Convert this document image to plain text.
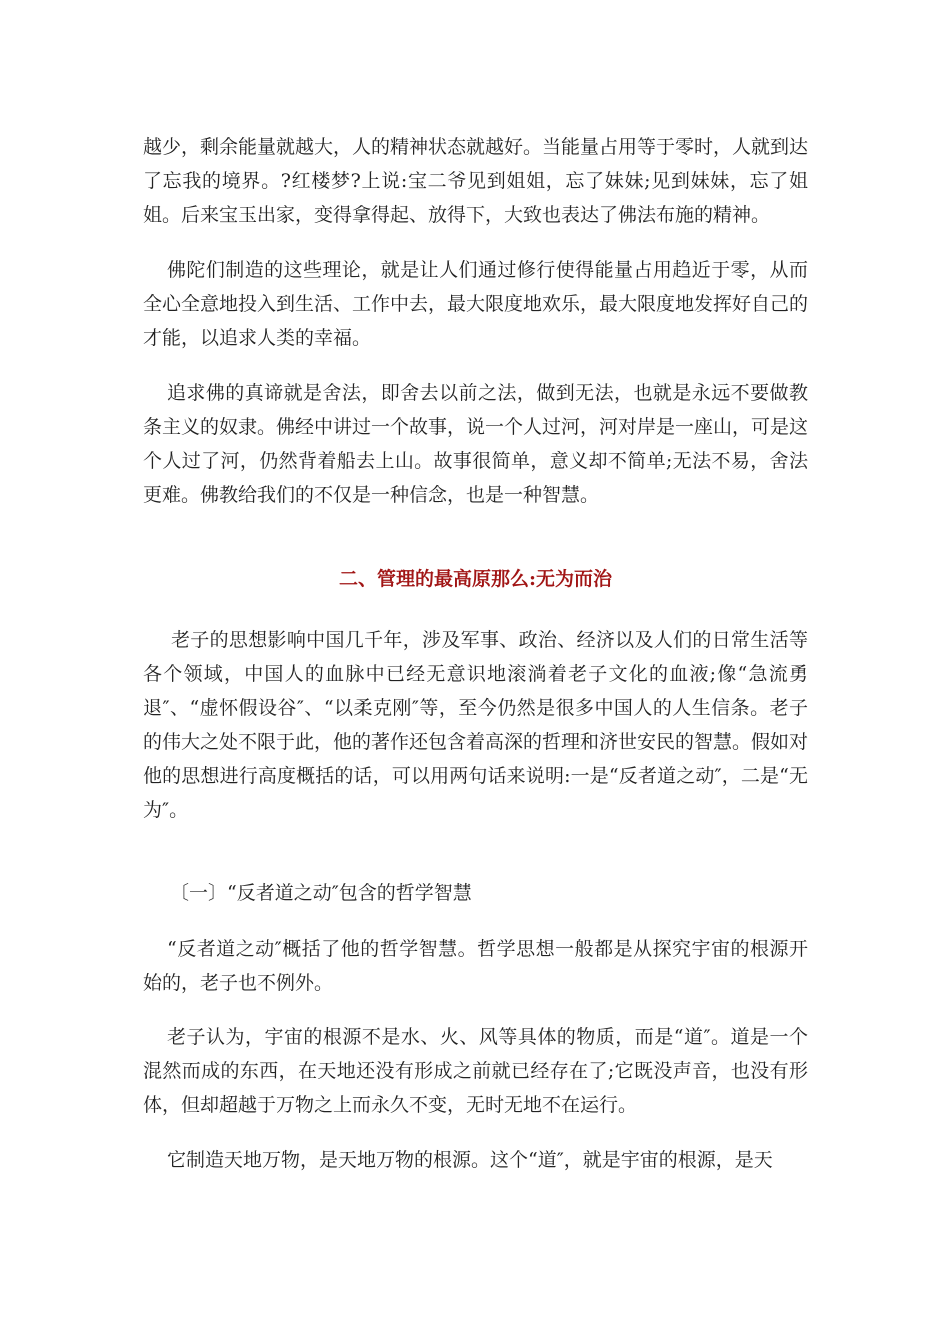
越少，剩余能量就越大，人的精神状态就越好。当能量占用等于零时，人就到达了忘我的境界。?红楼梦?上说:宝二爷见到姐姐，忘了妹妹;见到妹妹，忘了姐姐。后来宝玉出家，变得拿得起、放得下，大致也表达了佛法布施的精神。

佛陀们制造的这些理论，就是让人们通过修行使得能量占用趋近于零，从而全心全意地投入到生活、工作中去，最大限度地欢乐，最大限度地发挥好自己的才能，以追求人类的幸福。

追求佛的真谛就是舍法，即舍去以前之法，做到无法，也就是永远不要做教条主义的奴隶。佛经中讲过一个故事，说一个人过河，河对岸是一座山，可是这个人过了河，仍然背着船去上山。故事很简单，意义却不简单;无法不易，舍法更难。佛教给我们的不仅是一种信念，也是一种智慧。

二、管理的最高原那么:无为而治

老子的思想影响中国几千年，涉及军事、政治、经济以及人们的日常生活等各个领域，中国人的血脉中已经无意识地滚淌着老子文化的血液;像“急流勇退″、“虚怀假设谷″、“以柔克刚″等，至今仍然是很多中国人的人生信条。老子的伟大之处不限于此，他的著作还包含着高深的哲理和济世安民的智慧。假如对他的思想进行高度概括的话，可以用两句话来说明:一是“反者道之动″，二是“无为″。

〔一〕“反者道之动″包含的哲学智慧

“反者道之动″概括了他的哲学智慧。哲学思想一般都是从探究宇宙的根源开始的，老子也不例外。

老子认为，宇宙的根源不是水、火、风等具体的物质，而是“道″。道是一个混然而成的东西，在天地还没有形成之前就已经存在了;它既没声音，也没有形体，但却超越于万物之上而永久不变，无时无地不在运行。

它制造天地万物，是天地万物的根源。这个“道″，就是宇宙的根源，是天
